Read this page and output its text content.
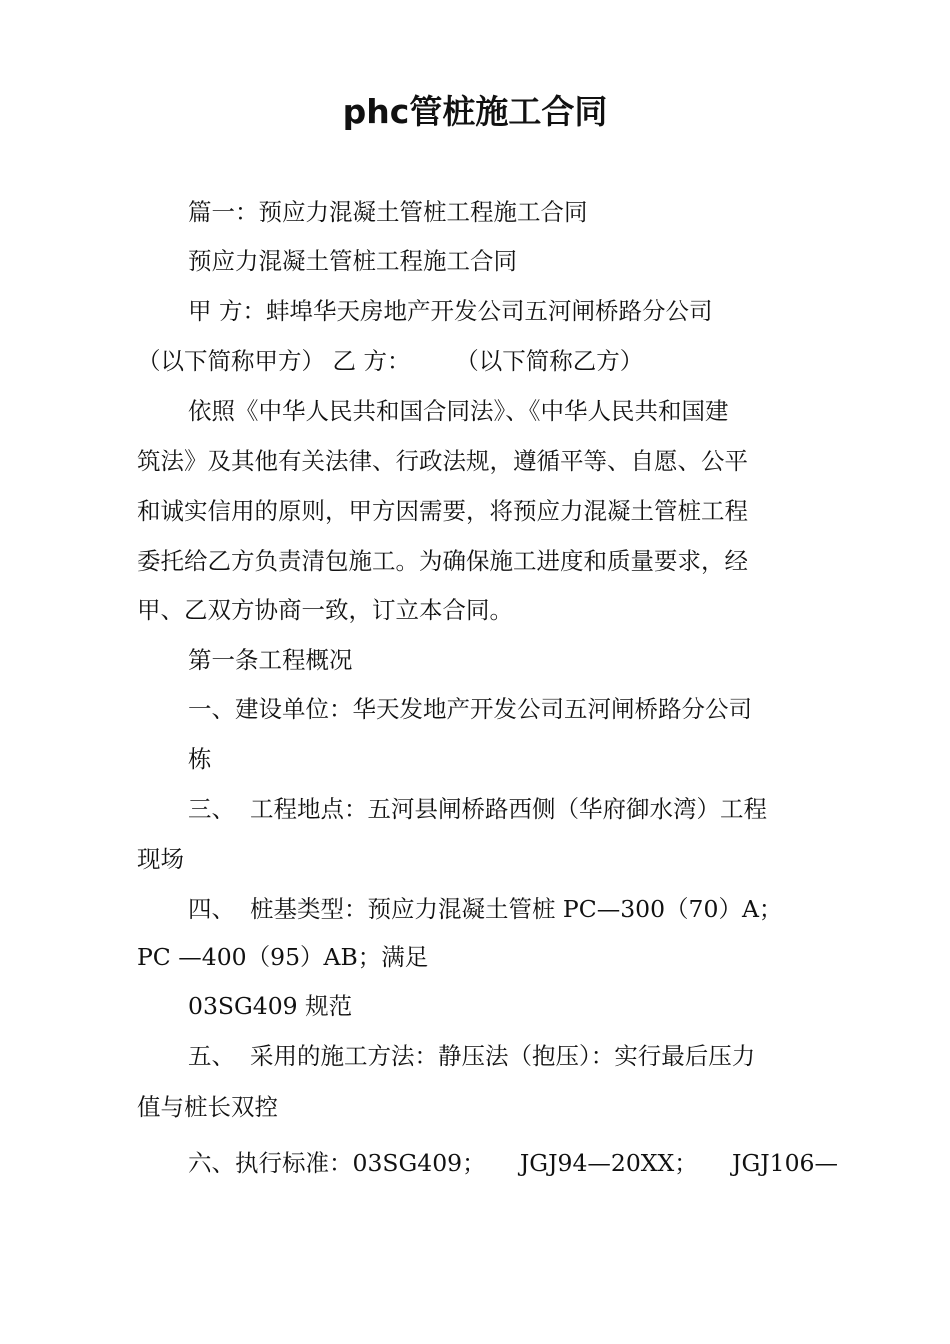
phc管桩施工合同
篇一：预应力混凝土管桩工程施工合同
预应力混凝土管桩工程施工合同
甲 方：蚌埠华天房地产开发公司五河闸桥路分公司
（以下简称甲方） 乙 方：      （以下简称乙方）
依照《中华人民共和国合同法》、《中华人民共和国建
筑法》及其他有关法律、行政法规，遵循平等、自愿、公平
和诚实信用的原则，甲方因需要，将预应力混凝土管桩工程
委托给乙方负责清包施工。为确保施工进度和质量要求，经
甲、乙双方协商一致，订立本合同。
第一条工程概况
一、建设单位：华天发地产开发公司五河闸桥路分公司
栋
三、  工程地点：五河县闸桥路西侧（华府御水湾）工程
现场
四、  桩基类型：预应力混凝土管桩 PC—300（70）A；
PC —400（95）AB；满足
03SG409 规范
五、  采用的施工方法：静压法（抱压）：实行最后压力
值与桩长双控
六、执行标准：03SG409； JGJ94—20XX； JGJ106—
